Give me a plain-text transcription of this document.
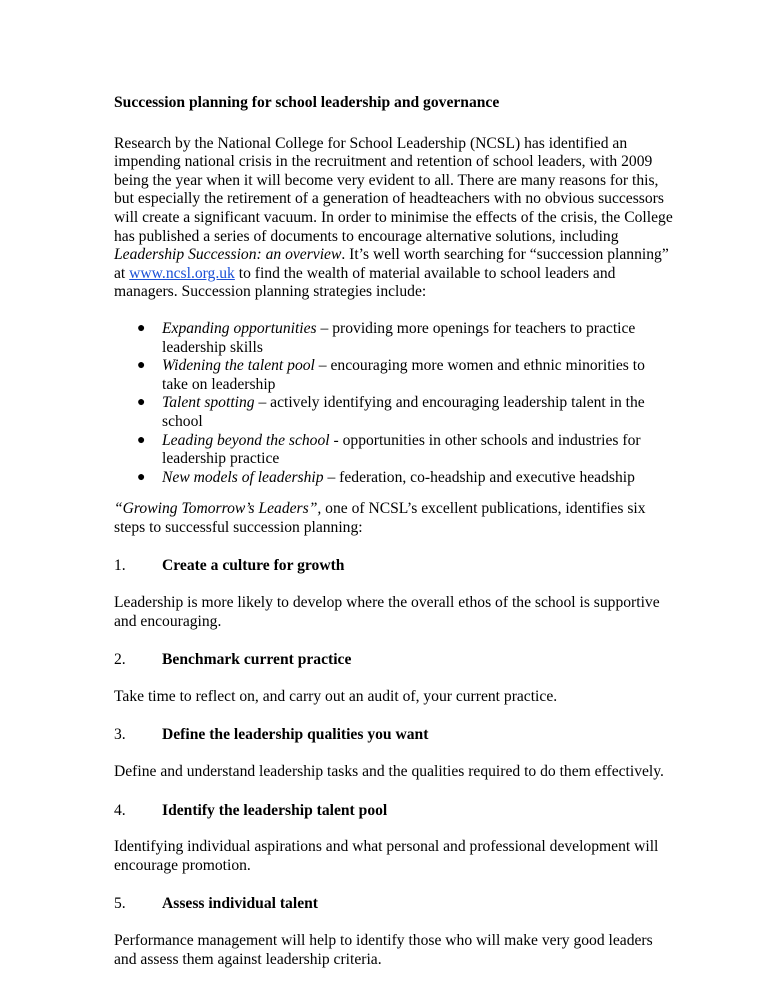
Succession planning for school leadership and governance

Research by the National College for School Leadership (NCSL) has identified an impending national crisis in the recruitment and retention of school leaders, with 2009 being the year when it will become very evident to all. There are many reasons for this, but especially the retirement of a generation of headteachers with no obvious successors will create a significant vacuum. In order to minimise the effects of the crisis, the College has published a series of documents to encourage alternative solutions, including Leadership Succession: an overview. It’s well worth searching for “succession planning” at www.ncsl.org.uk to find the wealth of material available to school leaders and managers. Succession planning strategies include:

● Expanding opportunities – providing more openings for teachers to practice leadership skills
● Widening the talent pool – encouraging more women and ethnic minorities to take on leadership
● Talent spotting – actively identifying and encouraging leadership talent in the school
● Leading beyond the school - opportunities in other schools and industries for leadership practice
● New models of leadership – federation, co-headship and executive headship

“Growing Tomorrow’s Leaders”, one of NCSL’s excellent publications, identifies six steps to successful succession planning:

1.	Create a culture for growth

Leadership is more likely to develop where the overall ethos of the school is supportive and encouraging.

2.	Benchmark current practice

Take time to reflect on, and carry out an audit of, your current practice.

3.	Define the leadership qualities you want

Define and understand leadership tasks and the qualities required to do them effectively.

4.	Identify the leadership talent pool

Identifying individual aspirations and what personal and professional development will encourage promotion.

5.	Assess individual talent

Performance management will help to identify those who will make very good leaders and assess them against leadership criteria.
